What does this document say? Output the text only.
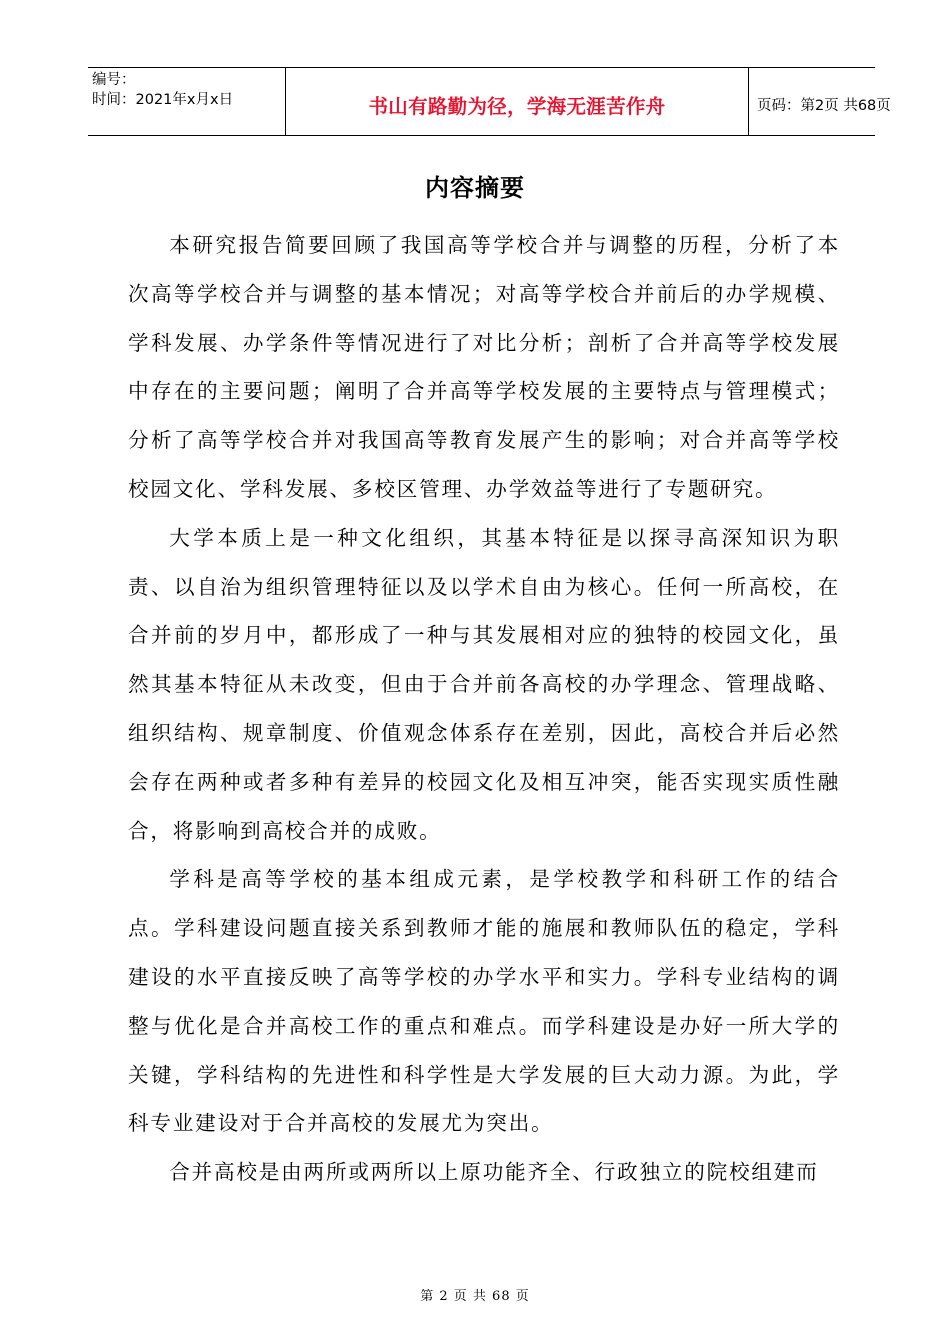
编号：
时间：2021年x月x日	书山有路勤为径，学海无涯苦作舟	页码：第2页 共68页
内容摘要

本研究报告简要回顾了我国高等学校合并与调整的历程，分析了本次高等学校合并与调整的基本情况；对高等学校合并前后的办学规模、学科发展、办学条件等情况进行了对比分析；剖析了合并高等学校发展中存在的主要问题；阐明了合并高等学校发展的主要特点与管理模式；分析了高等学校合并对我国高等教育发展产生的影响；对合并高等学校校园文化、学科发展、多校区管理、办学效益等进行了专题研究。

大学本质上是一种文化组织，其基本特征是以探寻高深知识为职责、以自治为组织管理特征以及以学术自由为核心。任何一所高校，在合并前的岁月中，都形成了一种与其发展相对应的独特的校园文化，虽然其基本特征从未改变，但由于合并前各高校的办学理念、管理战略、组织结构、规章制度、价值观念体系存在差别，因此，高校合并后必然会存在两种或者多种有差异的校园文化及相互冲突，能否实现实质性融合，将影响到高校合并的成败。

学科是高等学校的基本组成元素，是学校教学和科研工作的结合点。学科建设问题直接关系到教师才能的施展和教师队伍的稳定，学科建设的水平直接反映了高等学校的办学水平和实力。学科专业结构的调整与优化是合并高校工作的重点和难点。而学科建设是办好一所大学的关键，学科结构的先进性和科学性是大学发展的巨大动力源。为此，学科专业建设对于合并高校的发展尤为突出。

合并高校是由两所或两所以上原功能齐全、行政独立的院校组建而

第 2 页 共 68 页
